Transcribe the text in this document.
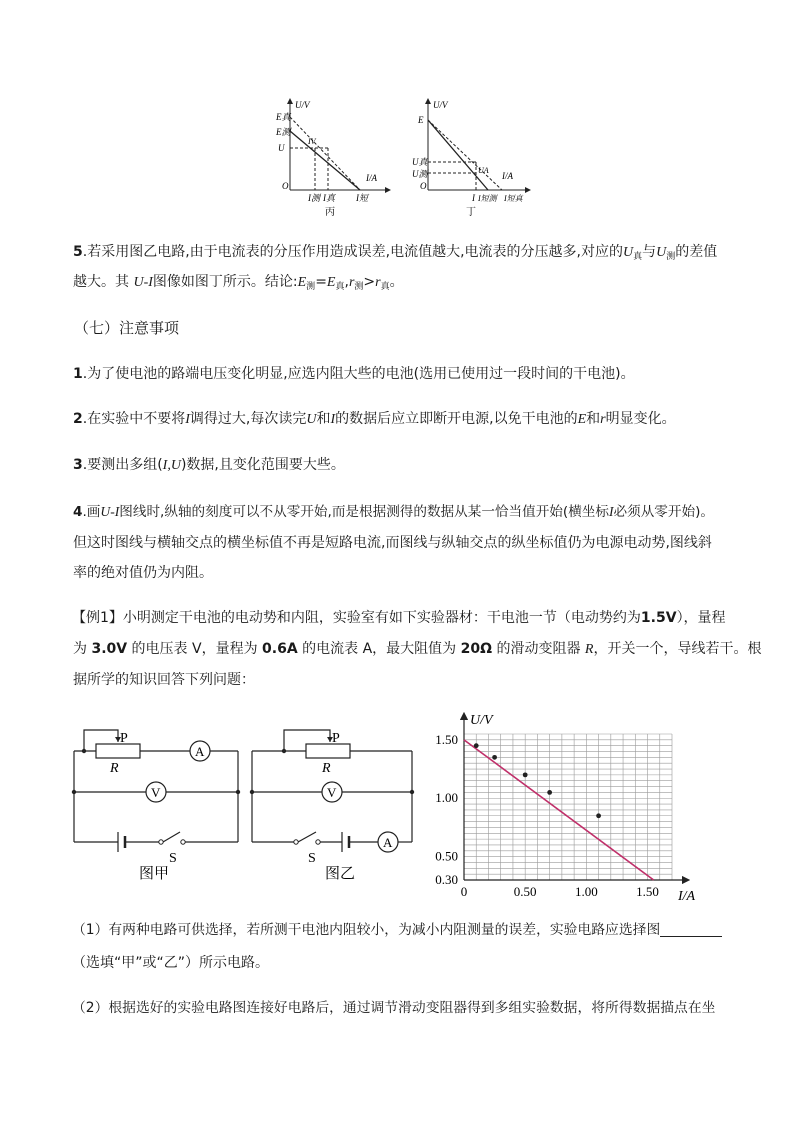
U/V
I/A
E真
E测
U
O
IV
I测 I真 I短
丙
U/V
I/A
E
U真
U测
O
UA
I I短测 I短真
丁
5.若采用图乙电路,由于电流表的分压作用造成误差,电流值越大,电流表的分压越多,对应的$U_真$与$U_测$的差值
越大。其 U-I图像如图丁所示。结论$:E_测=E_真,r_测>r_真$。
（七）注意事项
1.为了使电池的路端电压变化明显,应选内阻大些的电池(选用已使用过一段时间的干电池)。
2.在实验中不要将I调得过大,每次读完U和I的数据后应立即断开电源,以免干电池的E和r明显变化。
3.要测出多组(I,U)数据,且变化范围要大些。
4.画U-I图线时,纵轴的刻度可以不从零开始,而是根据测得的数据从某一恰当值开始(横坐标I必须从零开始)。
但这时图线与横轴交点的横坐标值不再是短路电流,而图线与纵轴交点的纵坐标值仍为电源电动势,图线斜
率的绝对值仍为内阻。
【例1】小明测定干电池的电动势和内阻，实验室有如下实验器材：干电池一节（电动势约为1.5V），量程
为 3.0V 的电压表 V，量程为 0.6A 的电流表 A，最大阻值为 20Ω 的滑动变阻器 R，开关一个，导线若干。根
据所学的知识回答下列问题：
P
R
A
V
S
图甲
P
R
V
A
S
图乙
0	0.50	1.00	1.50
1.50
1.00
0.50
0.30
U/V
I/A
（1）有两种电路可供选择，若所测干电池内阻较小，为减小内阻测量的误差，实验电路应选择图
（选填“甲”或“乙”）所示电路。
（2）根据选好的实验电路图连接好电路后，通过调节滑动变阻器得到多组实验数据，将所得数据描点在坐
